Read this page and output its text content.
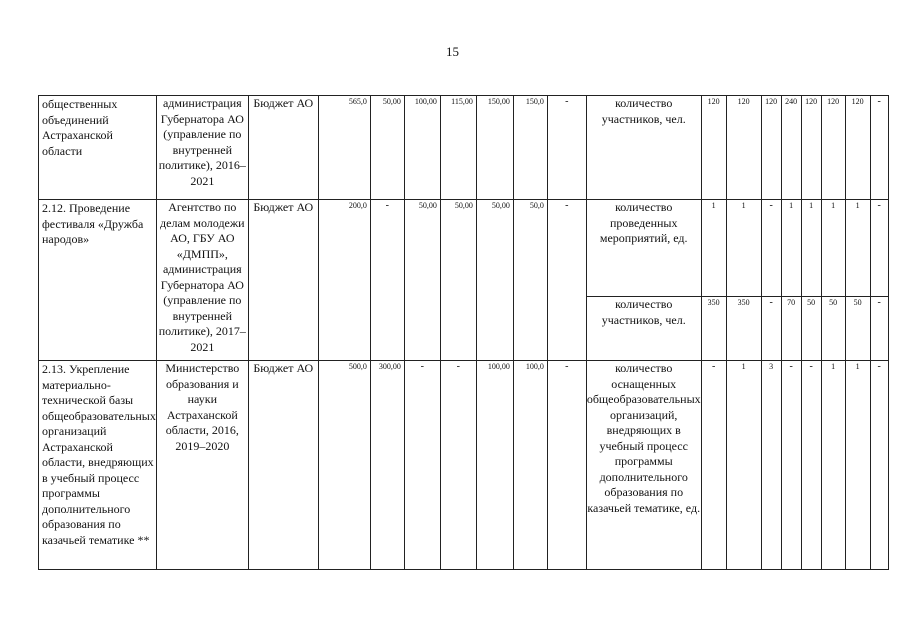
15
общественных объединений Астраханской области	администрация Губернатора АО (управление по внутренней политике), 2016–2021	Бюджет АО	565,0	50,00	100,00	115,00	150,00	150,0	-	количество участников, чел.	120	120	120	240	120	120	120	-
2.12. Проведение фестиваля «Дружба народов»	Агентство по делам молодежи АО, ГБУ АО «ДМПП», администрация Губернатора АО (управление по внутренней политике), 2017–2021	Бюджет АО	200,0	-	50,00	50,00	50,00	50,0	-	количество проведенных мероприятий, ед.	1	1	-	1	1	1	1	-
										количество участников, чел.	350	350	-	70	50	50	50	-
2.13. Укрепление материально-технической базы общеобразовательных организаций Астраханской области, внедряющих в учебный процесс программы дополнительного образования по казачьей тематике **	Министерство образования и науки Астраханской области, 2016, 2019–2020	Бюджет АО	500,0	300,00	-	-	100,00	100,0	-	количество оснащенных общеобразовательных организаций, внедряющих в учебный процесс программы дополнительного образования по казачьей тематике, ед.	-	1	3	-	-	1	1	-
